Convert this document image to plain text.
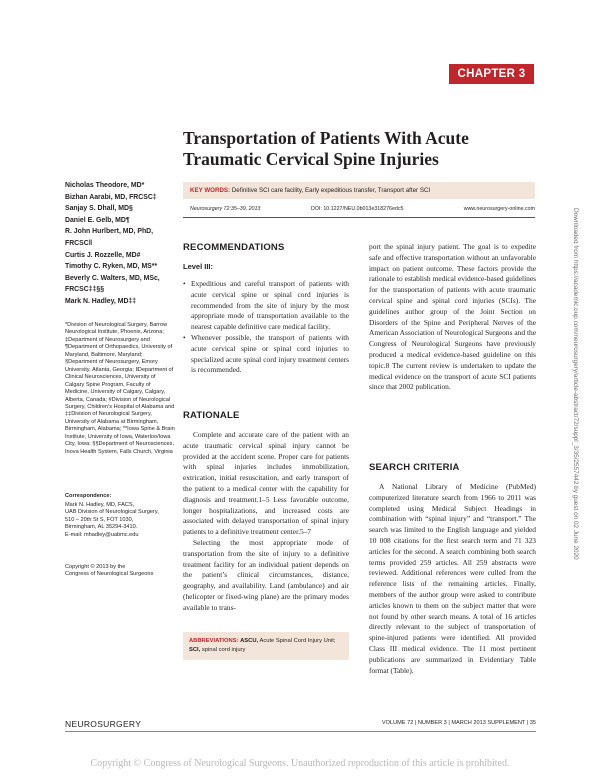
CHAPTER 3
Transportation of Patients With Acute Traumatic Cervical Spine Injuries
Nicholas Theodore, MD*
Bizhan Aarabi, MD, FRCSC‡
Sanjay S. Dhall, MD§
Daniel E. Gelb, MD¶
R. John Hurlbert, MD, PhD, FRCSC‖
Curtis J. Rozzelle, MD#
Timothy C. Ryken, MD, MS**
Beverly C. Walters, MD, MSc, FRCSC‡‡§§
Mark N. Hadley, MD‡‡
*Division of Neurological Surgery, Barrow Neurological Institute, Phoenix, Arizona; ‡Department of Neurosurgery and ¶Department of Orthopaedics, University of Maryland, Baltimore, Maryland; §Department of Neurosurgery, Emory University, Atlanta, Georgia; ‖Department of Clinical Neurosciences, University of Calgary Spine Program, Faculty of Medicine, University of Calgary, Calgary, Alberta, Canada; #Division of Neurological Surgery, Children’s Hospital of Alabama and ‡‡Division of Neurological Surgery, University of Alabama at Birmingham, Birmingham, Alabama; **Iowa Spine & Brain Institute, University of Iowa, Waterloo/Iowa City, Iowa; §§Department of Neurosciences, Inova Health System, Falls Church, Virginia
Correspondence:
Mark N. Hadley, MD, FACS,
UAB Division of Neurological Surgery,
510 – 20th St S, FOT 1030,
Birmingham, AL 35294-3410.
E-mail: mhadley@uabmc.edu
Copyright © 2013 by the
Congress of Neurological Surgeons
KEY WORDS: Definitive SCI care facility, Early expeditious transfer, Transport after SCI
Neurosurgery 72:35–39, 2013	DOI: 10.1227/NEU.0b013e318276edc5	www.neurosurgery-online.com
RECOMMENDATIONS
Level III:
• Expeditious and careful transport of patients with acute cervical spine or spinal cord injuries is recommended from the site of injury by the most appropriate mode of transportation available to the nearest capable definitive care medical facility.
• Whenever possible, the transport of patients with acute cervical spine or spinal cord injuries to specialized acute spinal cord injury treatment centers is recommended.
RATIONALE
Complete and accurate care of the patient with an acute traumatic cervical spinal injury cannot be provided at the accident scene. Proper care for patients with spinal injuries includes immobilization, extrication, initial resuscitation, and early transport of the patient to a medical center with the capability for diagnosis and treatment.1–5 Less favorable outcome, longer hospitalizations, and increased costs are associated with delayed transportation of spinal injury patients to a definitive treatment center.5–7
Selecting the most appropriate mode of transportation from the site of injury to a definitive treatment facility for an individual patient depends on the patient’s clinical circumstances, distance, geography, and availability. Land (ambulance) and air (helicopter or fixed-wing plane) are the primary modes available to trans-
ABBREVIATIONS: ASCU, Acute Spinal Cord Injury Unit; SCI, spinal cord injury
port the spinal injury patient. The goal is to expedite safe and effective transportation without an unfavorable impact on patient outcome. These factors provide the rationale to establish medical evidence-based guidelines for the transportation of patients with acute traumatic cervical spine and spinal cord injuries (SCIs). The guidelines author group of the Joint Section on Disorders of the Spine and Peripheral Nerves of the American Association of Neurological Surgeons and the Congress of Neurological Surgeons have previously produced a medical evidence-based guideline on this topic.8 The current review is undertaken to update the medical evidence on the transport of acute SCI patients since that 2002 publication.
SEARCH CRITERIA
A National Library of Medicine (PubMed) computerized literature search from 1966 to 2011 was completed using Medical Subject Headings in combination with “spinal injury” and “transport.” The search was limited to the English language and yielded 10 008 citations for the first search term and 71 323 articles for the second. A search combining both search terms provided 259 articles. All 259 abstracts were reviewed. Additional references were culled from the reference lists of the remaining articles. Finally, members of the author group were asked to contribute articles known to them on the subject matter that were not found by other search means. A total of 16 articles directly relevant to the subject of transportation of spine-injured patients were identified. All provided Class III medical evidence. The 11 most pertinent publications are summarized in Evidentiary Table format (Table).
NEUROSURGERY	VOLUME 72 | NUMBER 3 | MARCH 2013 SUPPLEMENT | 35
Copyright © Congress of Neurological Surgeons. Unauthorized reproduction of this article is prohibited.
Downloaded from https://academic.oup.com/neurosurgery/article-abstract/72/suppl_3/35/2557442 by guest on 02 June 2020
